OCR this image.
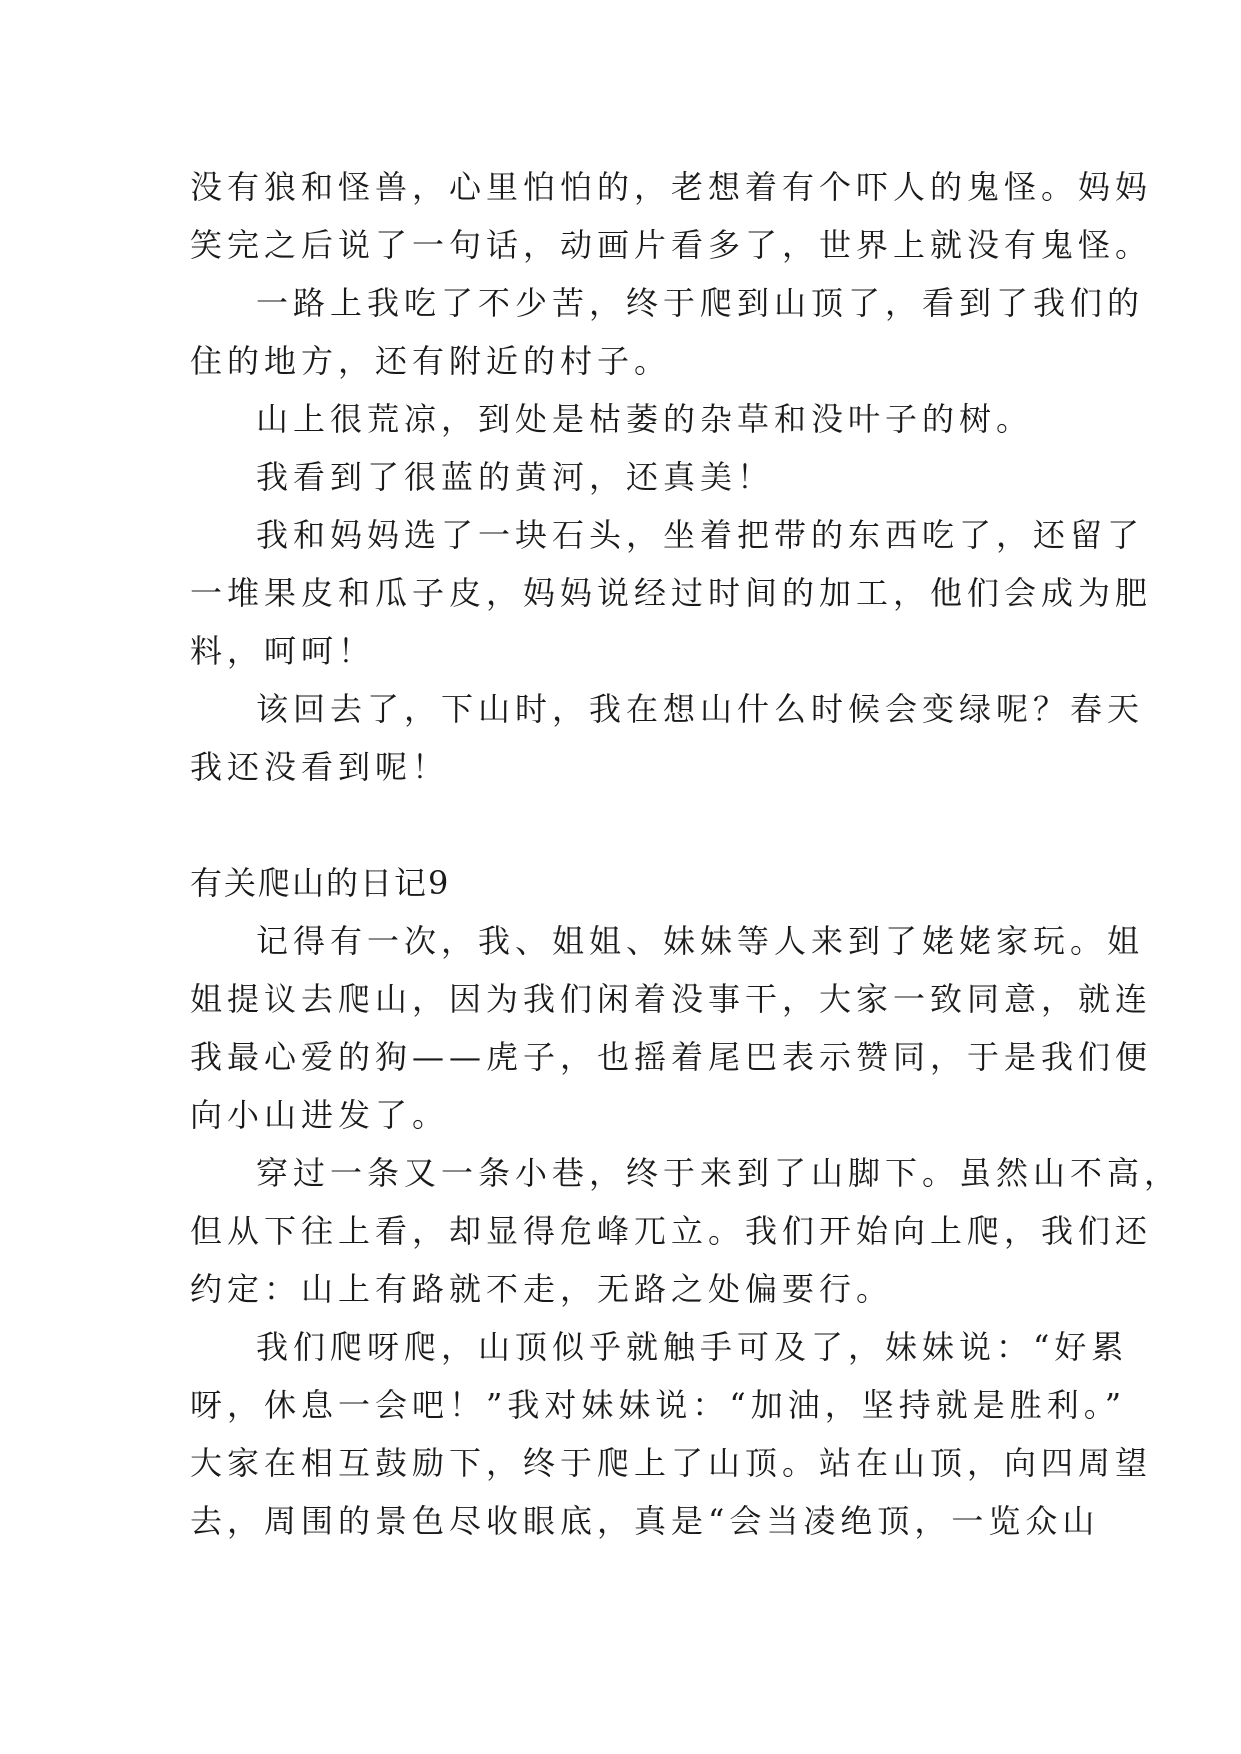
没有狼和怪兽，心里怕怕的，老想着有个吓人的鬼怪。妈妈
笑完之后说了一句话，动画片看多了，世界上就没有鬼怪。
一路上我吃了不少苦，终于爬到山顶了，看到了我们的
住的地方，还有附近的村子。
山上很荒凉，到处是枯萎的杂草和没叶子的树。
我看到了很蓝的黄河，还真美！
我和妈妈选了一块石头，坐着把带的东西吃了，还留了
一堆果皮和瓜子皮，妈妈说经过时间的加工，他们会成为肥
料，呵呵！
该回去了，下山时，我在想山什么时候会变绿呢？春天
我还没看到呢！
有关爬山的日记9
记得有一次，我、姐姐、妹妹等人来到了姥姥家玩。姐
姐提议去爬山，因为我们闲着没事干，大家一致同意，就连
我最心爱的狗——虎子，也摇着尾巴表示赞同，于是我们便
向小山进发了。
穿过一条又一条小巷，终于来到了山脚下。虽然山不高，
但从下往上看，却显得危峰兀立。我们开始向上爬，我们还
约定：山上有路就不走，无路之处偏要行。
我们爬呀爬，山顶似乎就触手可及了，妹妹说：“好累
呀，休息一会吧！”我对妹妹说：“加油，坚持就是胜利。”
大家在相互鼓励下，终于爬上了山顶。站在山顶，向四周望
去，周围的景色尽收眼底，真是“会当凌绝顶，一览众山
